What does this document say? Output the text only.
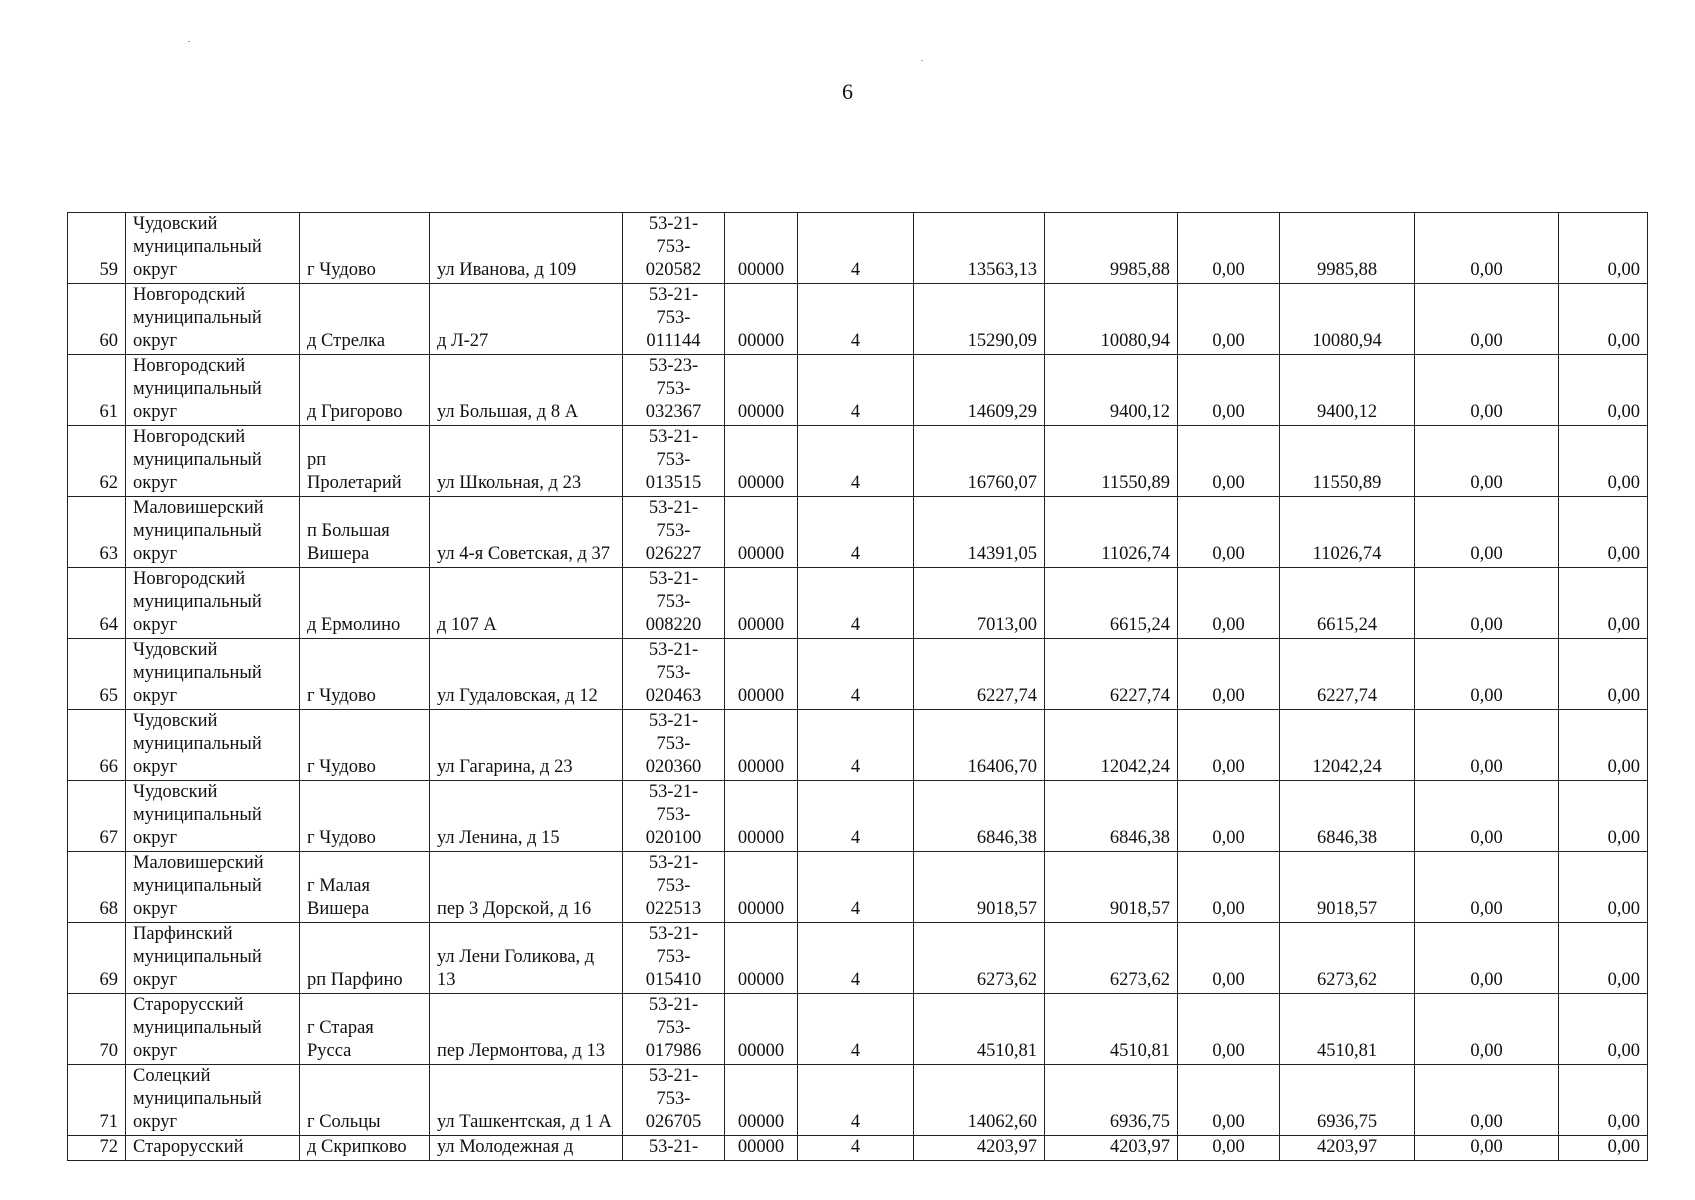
6
59	Чудовский муниципальный округ	г Чудово	ул Иванова, д 109	53-21- 753- 020582	00000	4	13563,13	9985,88	0,00	9985,88	0,00	0,00
60	Новгородский муниципальный округ	д Стрелка	д Л-27	53-21- 753- 011144	00000	4	15290,09	10080,94	0,00	10080,94	0,00	0,00
61	Новгородский муниципальный округ	д Григорово	ул Большая, д 8 А	53-23- 753- 032367	00000	4	14609,29	9400,12	0,00	9400,12	0,00	0,00
62	Новгородский муниципальный округ	рп Пролетарий	ул Школьная, д 23	53-21- 753- 013515	00000	4	16760,07	11550,89	0,00	11550,89	0,00	0,00
63	Маловишерский муниципальный округ	п Большая Вишера	ул 4-я Советская, д 37	53-21- 753- 026227	00000	4	14391,05	11026,74	0,00	11026,74	0,00	0,00
64	Новгородский муниципальный округ	д Ермолино	д 107 А	53-21- 753- 008220	00000	4	7013,00	6615,24	0,00	6615,24	0,00	0,00
65	Чудовский муниципальный округ	г Чудово	ул Гудаловская, д 12	53-21- 753- 020463	00000	4	6227,74	6227,74	0,00	6227,74	0,00	0,00
66	Чудовский муниципальный округ	г Чудово	ул Гагарина, д 23	53-21- 753- 020360	00000	4	16406,70	12042,24	0,00	12042,24	0,00	0,00
67	Чудовский муниципальный округ	г Чудово	ул Ленина, д 15	53-21- 753- 020100	00000	4	6846,38	6846,38	0,00	6846,38	0,00	0,00
68	Маловишерский муниципальный округ	г Малая Вишера	пер 3 Дорской, д 16	53-21- 753- 022513	00000	4	9018,57	9018,57	0,00	9018,57	0,00	0,00
69	Парфинский муниципальный округ	рп Парфино	ул Лени Голикова, д 13	53-21- 753- 015410	00000	4	6273,62	6273,62	0,00	6273,62	0,00	0,00
70	Старорусский муниципальный округ	г Старая Русса	пер Лермонтова, д 13	53-21- 753- 017986	00000	4	4510,81	4510,81	0,00	4510,81	0,00	0,00
71	Солецкий муниципальный округ	г Сольцы	ул Ташкентская, д 1 А	53-21- 753- 026705	00000	4	14062,60	6936,75	0,00	6936,75	0,00	0,00
72	Старорусский	д Скрипково	ул Молодежная д	53-21-	00000	4	4203,97	4203,97	0,00	4203,97	0,00	0,00
